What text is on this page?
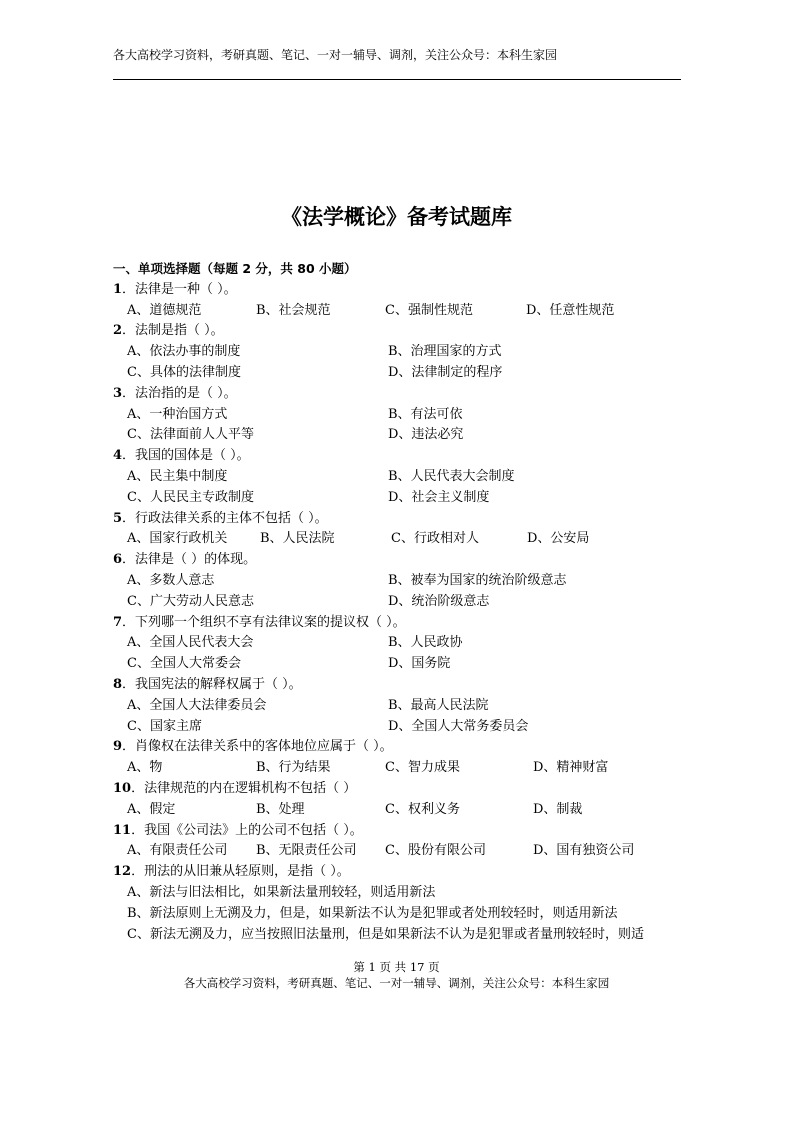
各大高校学习资料，考研真题、笔记、一对一辅导、调剂，关注公众号：本科生家园
《法学概论》备考试题库
一、单项选择题（每题 2 分，共 80 小题）
1．法律是一种（ ）。
A、道德规范	B、社会规范	C、强制性规范	D、任意性规范
2．法制是指（ ）。
A、依法办事的制度	B、治理国家的方式
C、具体的法律制度	D、法律制定的程序
3．法治指的是（ ）。
A、一种治国方式	B、有法可依
C、法律面前人人平等	D、违法必究
4．我国的国体是（ ）。
A、民主集中制度	B、人民代表大会制度
C、人民民主专政制度	D、社会主义制度
5．行政法律关系的主体不包括（ ）。
A、国家行政机关	B、人民法院	C、行政相对人	D、公安局
6．法律是（ ）的体现。
A、多数人意志	B、被奉为国家的统治阶级意志
C、广大劳动人民意志	D、统治阶级意志
7．下列哪一个组织不享有法律议案的提议权（ ）。
A、全国人民代表大会	B、人民政协
C、全国人大常委会	D、国务院
8．我国宪法的解释权属于（ ）。
A、全国人大法律委员会	B、最高人民法院
C、国家主席	D、全国人大常务委员会
9．肖像权在法律关系中的客体地位应属于（ ）。
A、物	B、行为结果	C、智力成果	D、精神财富
10．法律规范的内在逻辑机构不包括（ ）
A、假定	B、处理	C、权利义务	D、制裁
11．我国《公司法》上的公司不包括（ ）。
A、有限责任公司 B、无限责任公司 C、股份有限公司	D、国有独资公司
12．刑法的从旧兼从轻原则，是指（ ）。
A、新法与旧法相比，如果新法量刑较轻，则适用新法
B、新法原则上无溯及力，但是，如果新法不认为是犯罪或者处刑较轻时，则适用新法
C、新法无溯及力，应当按照旧法量刑，但是如果新法不认为是犯罪或者量刑较轻时，则适
第 1 页 共 17 页
各大高校学习资料，考研真题、笔记、一对一辅导、调剂，关注公众号：本科生家园
